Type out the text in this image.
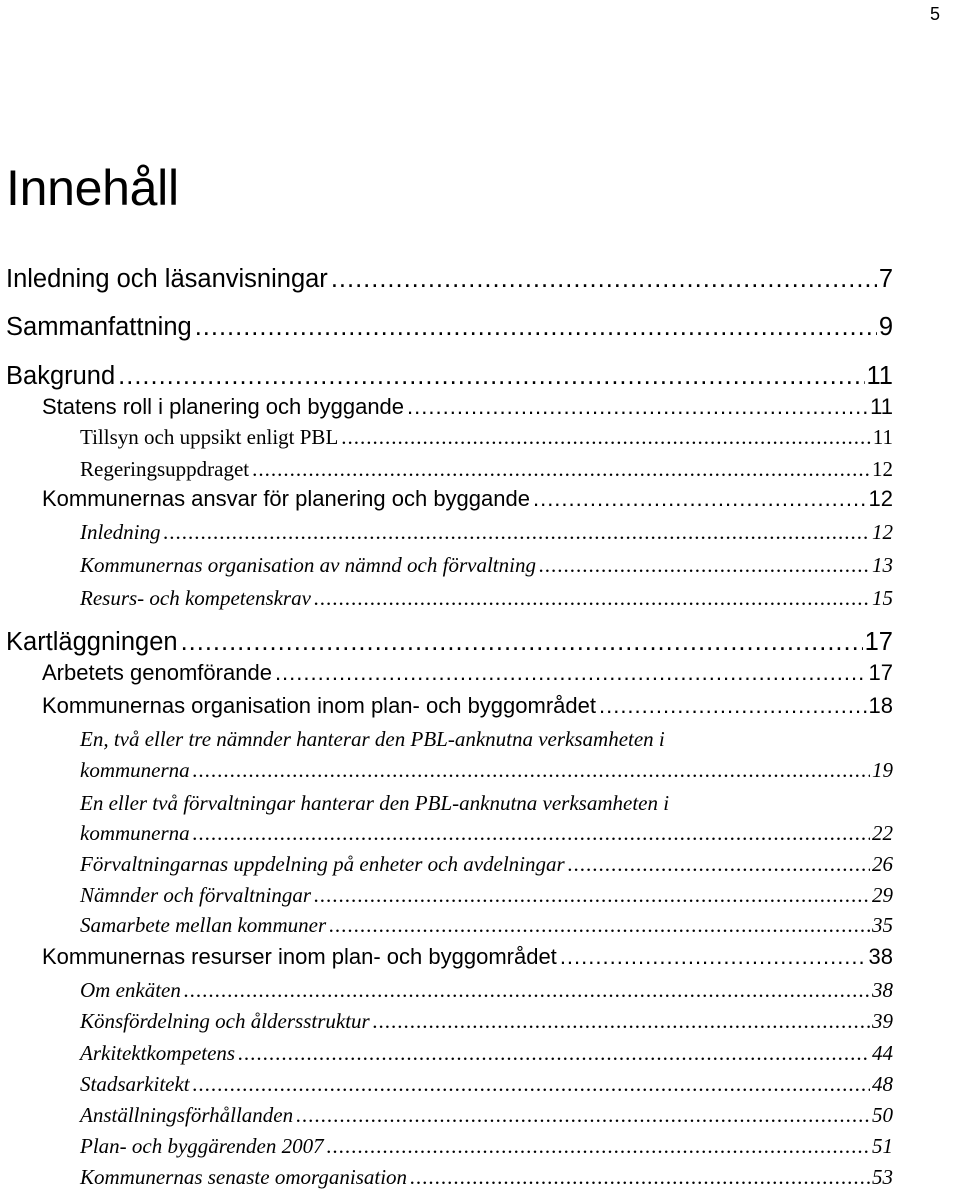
5
Innehåll
Inledning och läsanvisningar .....	7
Sammanfattning .....	9
Bakgrund .....	11
Statens roll i planering och byggande .....	11
Tillsyn och uppsikt enligt PBL .....	11
Regeringsuppdraget .....	12
Kommunernas ansvar för planering och byggande .....	12
Inledning .....	12
Kommunernas organisation av nämnd och förvaltning .....	13
Resurs- och kompetenskrav .....	15
Kartläggningen .....	17
Arbetets genomförande .....	17
Kommunernas organisation inom plan- och byggområdet .....	18
En, två eller tre nämnder hanterar den PBL-anknutna verksamheten i
kommunerna .....	19
En eller två förvaltningar hanterar den PBL-anknutna verksamheten i
kommunerna .....	22
Förvaltningarnas uppdelning på enheter och avdelningar .....	26
Nämnder och förvaltningar .....	29
Samarbete mellan kommuner .....	35
Kommunernas resurser inom plan- och byggområdet .....	38
Om enkäten .....	38
Könsfördelning och åldersstruktur .....	39
Arkitektkompetens .....	44
Stadsarkitekt .....	48
Anställningsförhållanden .....	50
Plan- och byggärenden 2007 .....	51
Kommunernas senaste omorganisation .....	53
